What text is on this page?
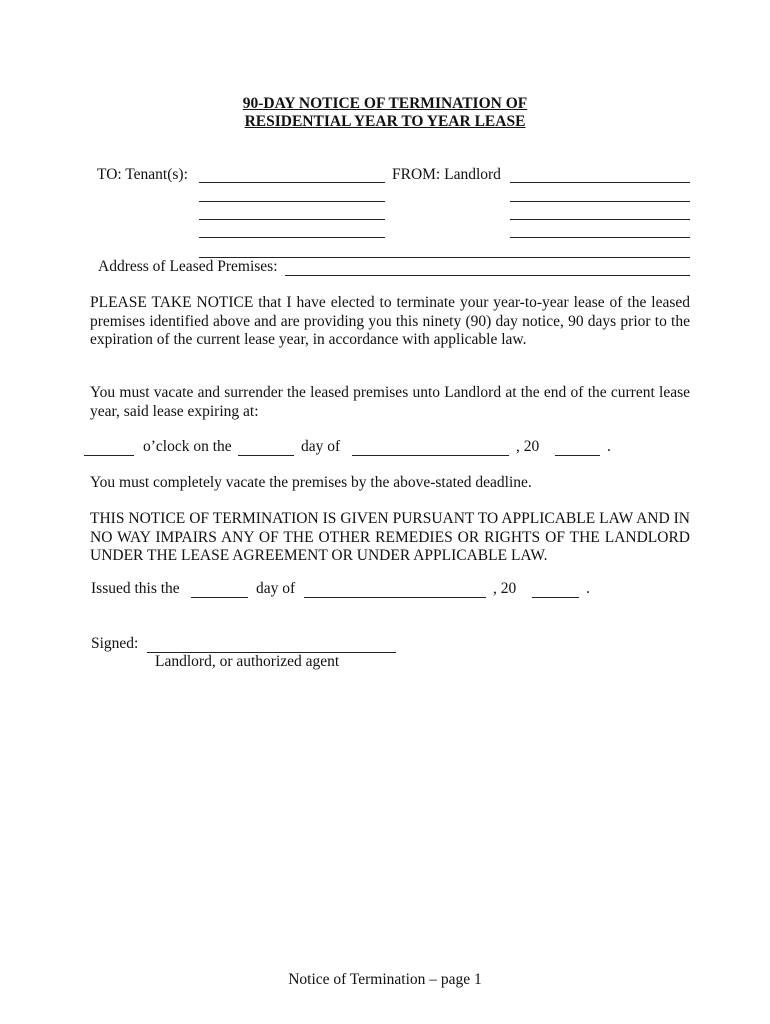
90-DAY NOTICE OF TERMINATION OF
RESIDENTIAL YEAR TO YEAR LEASE
TO: Tenant(s):	FROM: Landlord
Address of Leased Premises:
PLEASE TAKE NOTICE that I have elected to terminate your year-to-year lease of the leased premises identified above and are providing you this ninety (90) day notice, 90 days prior to the expiration of the current lease year, in accordance with applicable law.
You must vacate and surrender the leased premises unto Landlord at the end of the current lease year, said lease expiring at:
o’clock on the	day of	, 20	.
You must completely vacate the premises by the above-stated deadline.
THIS NOTICE OF TERMINATION IS GIVEN PURSUANT TO APPLICABLE LAW AND IN NO WAY IMPAIRS ANY OF THE OTHER REMEDIES OR RIGHTS OF THE LANDLORD UNDER THE LEASE AGREEMENT OR UNDER APPLICABLE LAW.
Issued this the	day of	, 20	.
Signed:
Landlord, or authorized agent
Notice of Termination – page 1
